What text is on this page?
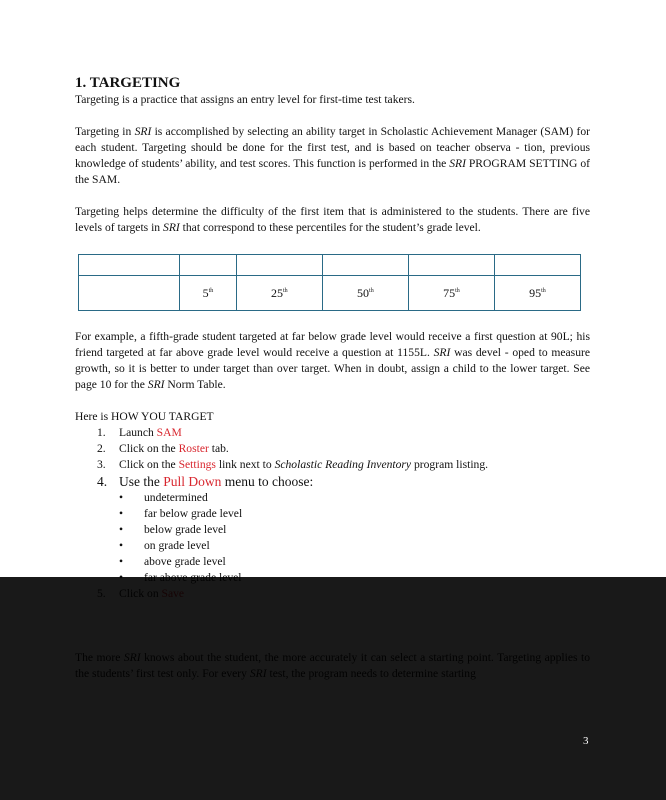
1. TARGETING

Targeting is a practice that assigns an entry level for first-time test takers.

Targeting in SRI is accomplished by selecting an ability target in Scholastic Achievement Manager (SAM) for each student. Targeting should be done for the first test, and is based on teacher observa - tion, previous knowledge of students’ ability, and test scores. This function is performed in the SRI PROGRAM SETTING of the SAM.

Targeting helps determine the difficulty of the first item that is administered to the students. There are five levels of targets in SRI that correspond to these percentiles for the student’s grade level.

	5th	25th	50th	75th	95th

For example, a fifth-grade student targeted at far below grade level would receive a first question at 90L; his friend targeted at far above grade level would receive a question at 1155L. SRI was devel - oped to measure growth, so it is better to under target than over target. When in doubt, assign a child to the lower target. See page 10 for the SRI Norm Table.

Here is HOW YOU TARGET

1. Launch SAM
2. Click on the Roster tab.
3. Click on the Settings link next to Scholastic Reading Inventory program listing.
4. Use the Pull Down menu to choose:
• undetermined
• far below grade level
• below grade level
• on grade level
• above grade level

3
